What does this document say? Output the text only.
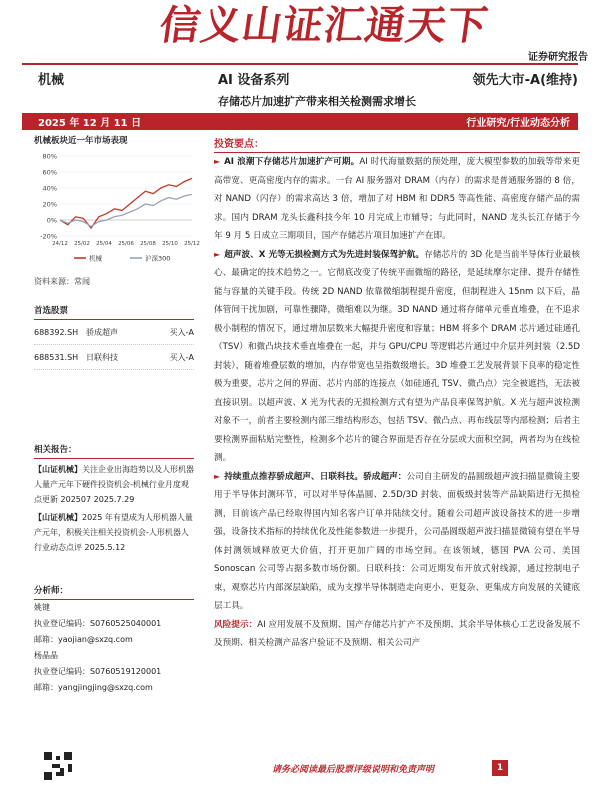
信义山证汇通天下
证券研究报告
机械	AI 设备系列	领先大市-A(维持)
存储芯片加速扩产带来相关检测需求增长
2025 年 12 月 11 日	行业研究/行业动态分析
机械板块近一年市场表现
80%
60%
40%
20%
0%
-20%
24/12 25/02 25/04 25/06 25/08 25/10 25/12
机械	沪深300
资料来源：常闻
首选股票
688392.SH 骄成超声	买入-A
688531.SH 日联科技	买入-A
相关报告：
【山证机械】关注企业出海趋势以及人形机器人量产元年下硬件投资机会-机械行业月度观点更新 202507 2025.7.29
【山证机械】2025 年有望成为人形机器人量产元年，积极关注相关投资机会-人形机器人行业动态点评 2025.5.12
分析师：
姚键
执业登记编码：S0760525040001
邮箱：yaojian@sxzq.com
杨晶晶
执业登记编码：S0760519120001
邮箱：yangjingjing@sxzq.com
投资要点：

► AI 浪潮下存储芯片加速扩产可期。AI 时代海量数据的预处理，庞大模型参数的加载等带来更高带宽、更高密度内存的需求。一台 AI 服务器对 DRAM（内存）的需求是普通服务器的 8 倍，对 NAND（闪存）的需求高达 3 倍，增加了对 HBM 和 DDR5 等高性能、高密度存储产品的需求。国内 DRAM 龙头长鑫科技今年 10 月完成上市辅导；与此同时，NAND 龙头长江存储于今年 9 月 5 日成立三期项目，国产存储芯片项目加速扩产在即。

► 超声波、X 光等无损检测方式为先进封装保驾护航。存储芯片的 3D 化是当前半导体行业最核心、最确定的技术趋势之一。它彻底改变了传统平面微缩的路径，是延续摩尔定律、提升存储性能与容量的关键手段。传统 2D NAND 依靠微缩制程提升密度，但制程进入 15nm 以下后，晶体管间干扰加剧，可靠性骤降，微缩难以为继。3D NAND 通过将存储单元垂直堆叠，在不追求极小制程的情况下，通过增加层数来大幅提升密度和容量；HBM 将多个 DRAM 芯片通过硅通孔（TSV）和微凸块技术垂直堆叠在一起，并与 GPU/CPU 等逻辑芯片通过中介层并列封装（2.5D 封装），随着堆叠层数的增加，内存带宽也呈指数级增长。3D 堆叠工艺发展背景下良率的稳定性极为重要，芯片之间的界面、芯片内部的连接点（如硅通孔 TSV、微凸点）完全被遮挡，无法被直接识别。以超声波、X 光为代表的无损检测方式有望为产品良率保驾护航。X 光与超声波检测对象不一，前者主要检测内部三维结构形态，包括 TSV、微凸点、再布线层等内部检测；后者主要检测界面粘贴完整性，检测多个芯片的键合界面是否存在分层或大面积空洞，两者均为在线检测。

► 持续重点推荐骄成超声、日联科技。骄成超声：公司自主研发的晶圆级超声波扫描显微镜主要用于半导体封测环节，可以对半导体晶圆、2.5D/3D 封装、面板级封装等产品缺陷进行无损检测，目前该产品已经取得国内知名客户订单并陆续交付。随着公司超声波设备技术的进一步增强，设备技术指标的持续优化及性能参数进一步提升，公司晶圆级超声波扫描显微镜有望在半导体封测领域释放更大价值，打开更加广阔的市场空间。在该领域，德国 PVA 公司、美国 Sonoscan 公司等占据多数市场份额。日联科技：公司近期发布开放式射线源，通过控制电子束，观察芯片内部深层缺陷，成为支撑半导体制造走向更小、更复杂、更集成方向发展的关键底层工具。

风险提示：AI 应用发展不及预期、国产存储芯片扩产不及预期、其余半导体核心工艺设备发展不及预期、相关检测产品客户验证不及预期、相关公司产

请务必阅读最后股票评级说明和免责声明	1
